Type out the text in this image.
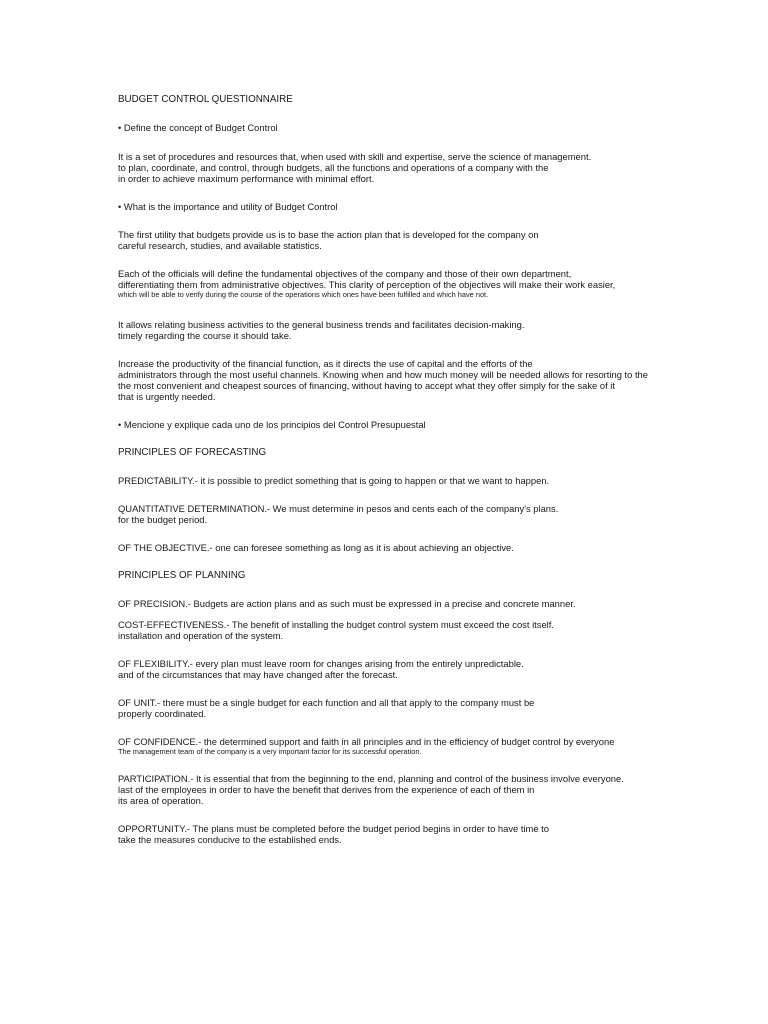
BUDGET CONTROL QUESTIONNAIRE
• Define the concept of Budget Control
It is a set of procedures and resources that, when used with skill and expertise, serve the science of management.
to plan, coordinate, and control, through budgets, all the functions and operations of a company with the
in order to achieve maximum performance with minimal effort.
• What is the importance and utility of Budget Control
The first utility that budgets provide us is to base the action plan that is developed for the company on
careful research, studies, and available statistics.
Each of the officials will define the fundamental objectives of the company and those of their own department,
differentiating them from administrative objectives. This clarity of perception of the objectives will make their work easier,
which will be able to verify during the course of the operations which ones have been fulfilled and which have not.
It allows relating business activities to the general business trends and facilitates decision-making.
timely regarding the course it should take.
Increase the productivity of the financial function, as it directs the use of capital and the efforts of the
administrators through the most useful channels. Knowing when and how much money will be needed allows for resorting to the
the most convenient and cheapest sources of financing, without having to accept what they offer simply for the sake of it
that is urgently needed.
• Mencione y explique cada uno de los principios del Control Presupuestal
PRINCIPLES OF FORECASTING
PREDICTABILITY.- it is possible to predict something that is going to happen or that we want to happen.
QUANTITATIVE DETERMINATION.- We must determine in pesos and cents each of the company's plans.
for the budget period.
OF THE OBJECTIVE.- one can foresee something as long as it is about achieving an objective.
PRINCIPLES OF PLANNING
OF PRECISION.- Budgets are action plans and as such must be expressed in a precise and concrete manner.
COST-EFFECTIVENESS.- The benefit of installing the budget control system must exceed the cost itself.
installation and operation of the system.
OF FLEXIBILITY.- every plan must leave room for changes arising from the entirely unpredictable.
and of the circumstances that may have changed after the forecast.
OF UNIT.- there must be a single budget for each function and all that apply to the company must be
properly coordinated.
OF CONFIDENCE.- the determined support and faith in all principles and in the efficiency of budget control by everyone
The management team of the company is a very important factor for its successful operation.
PARTICIPATION.- It is essential that from the beginning to the end, planning and control of the business involve everyone.
last of the employees in order to have the benefit that derives from the experience of each of them in
its area of operation.
OPPORTUNITY.- The plans must be completed before the budget period begins in order to have time to
take the measures conducive to the established ends.
